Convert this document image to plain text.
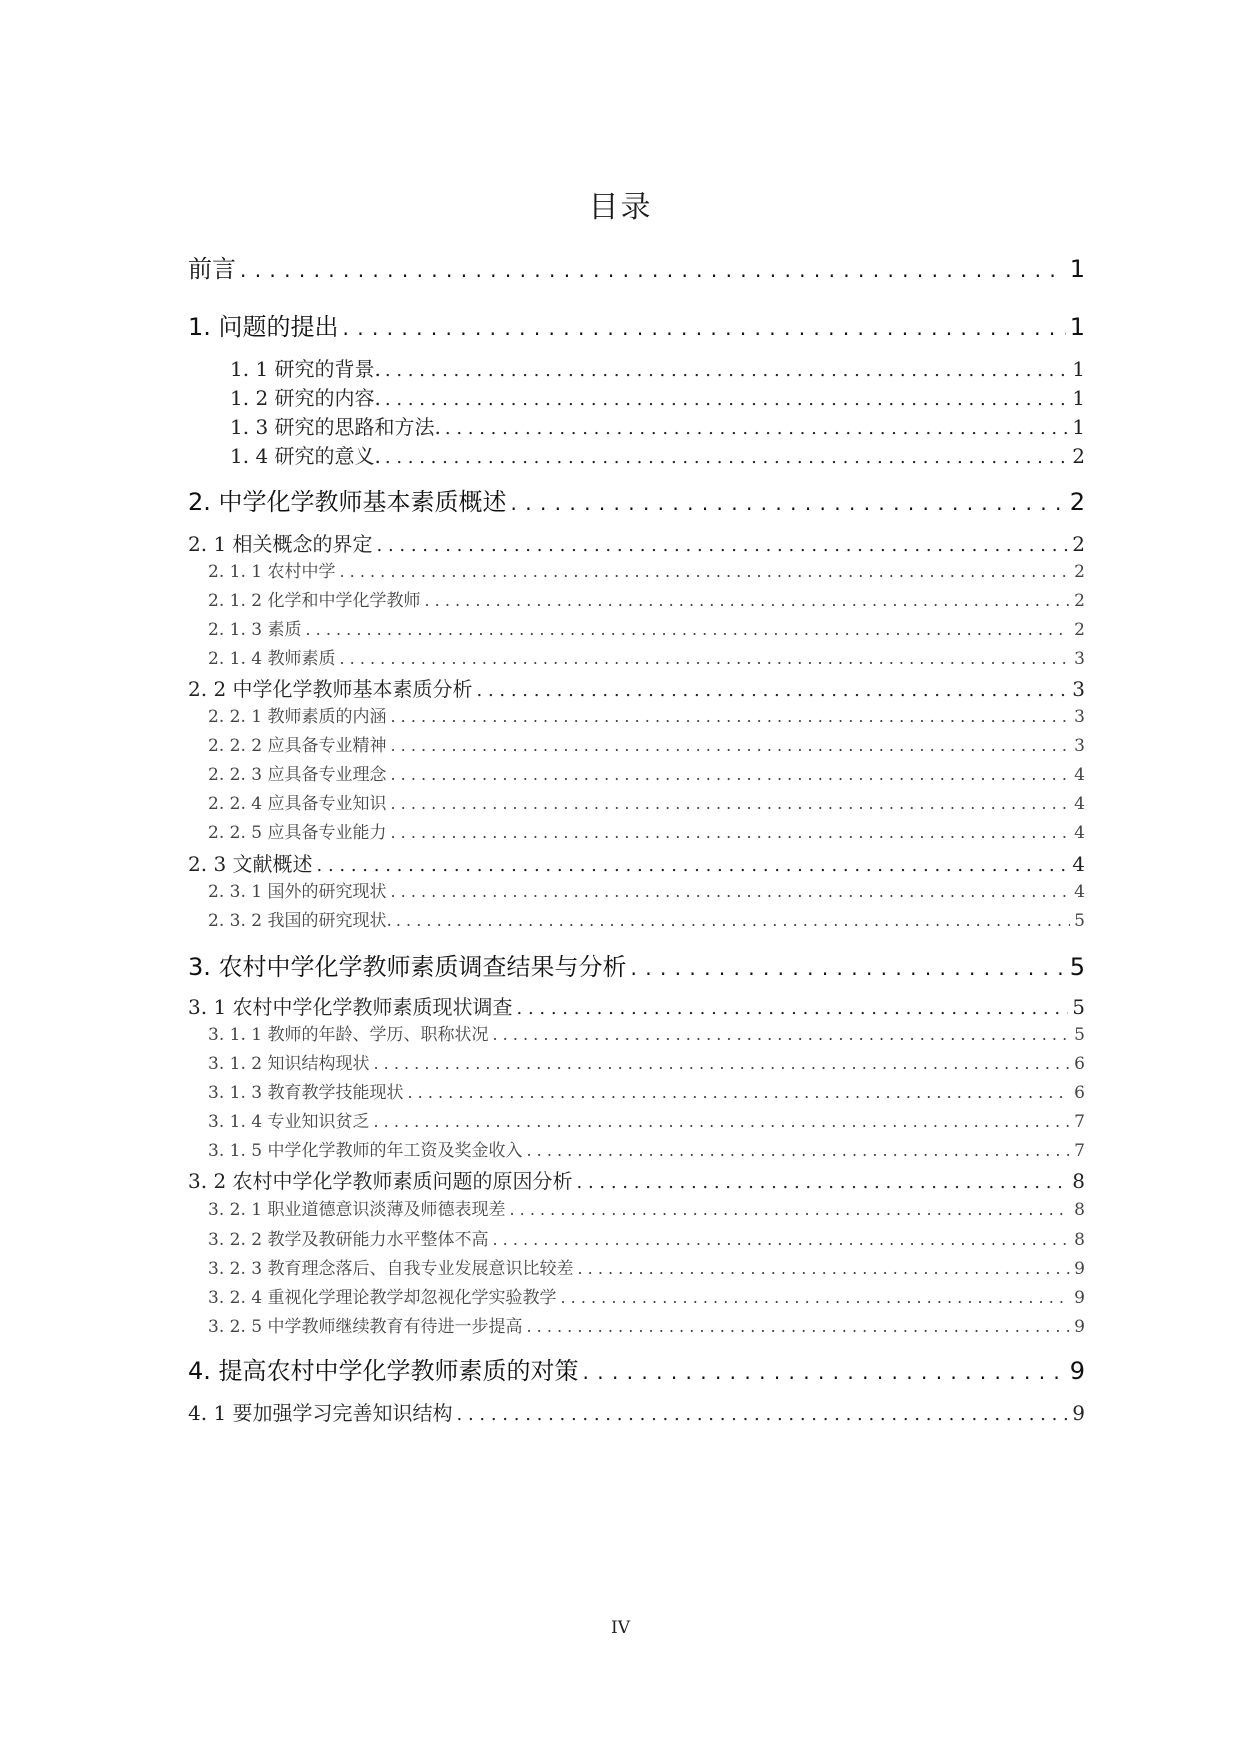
目录
前言 . . .	1
1. 问题的提出 . . .	1
1. 1 研究的背景. . . .	1
1. 2 研究的内容. . . .	1
1. 3 研究的思路和方法. . . .	1
1. 4 研究的意义. . . .	2
2. 中学化学教师基本素质概述 . . .	2
2. 1 相关概念的界定 . . .	2
2. 1. 1 农村中学 . . .	2
2. 1. 2 化学和中学化学教师 . . .	2
2. 1. 3 素质 . . .	2
2. 1. 4 教师素质 . . .	3
2. 2 中学化学教师基本素质分析 . . .	3
2. 2. 1 教师素质的内涵 . . .	3
2. 2. 2 应具备专业精神 . . .	3
2. 2. 3 应具备专业理念 . . .	4
2. 2. 4 应具备专业知识 . . .	4
2. 2. 5 应具备专业能力 . . .	4
2. 3 文献概述 . . .	4
2. 3. 1 国外的研究现状 . . .	4
2. 3. 2 我国的研究现状. . . .	5
3. 农村中学化学教师素质调查结果与分析 . . .	5
3. 1 农村中学化学教师素质现状调查 . . .	5
3. 1. 1 教师的年龄、学历、职称状况 . . .	5
3. 1. 2 知识结构现状 . . .	6
3. 1. 3 教育教学技能现状 . . .	6
3. 1. 4 专业知识贫乏 . . .	7
3. 1. 5 中学化学教师的年工资及奖金收入 . . .	7
3. 2 农村中学化学教师素质问题的原因分析 . . .	8
3. 2. 1 职业道德意识淡薄及师德表现差 . . .	8
3. 2. 2 教学及教研能力水平整体不高 . . .	8
3. 2. 3 教育理念落后、自我专业发展意识比较差 . . .	9
3. 2. 4 重视化学理论教学却忽视化学实验教学 . . .	9
3. 2. 5 中学教师继续教育有待进一步提高 . . .	9
4. 提高农村中学化学教师素质的对策 . . .	9
4. 1 要加强学习完善知识结构 . . .	9
IV
